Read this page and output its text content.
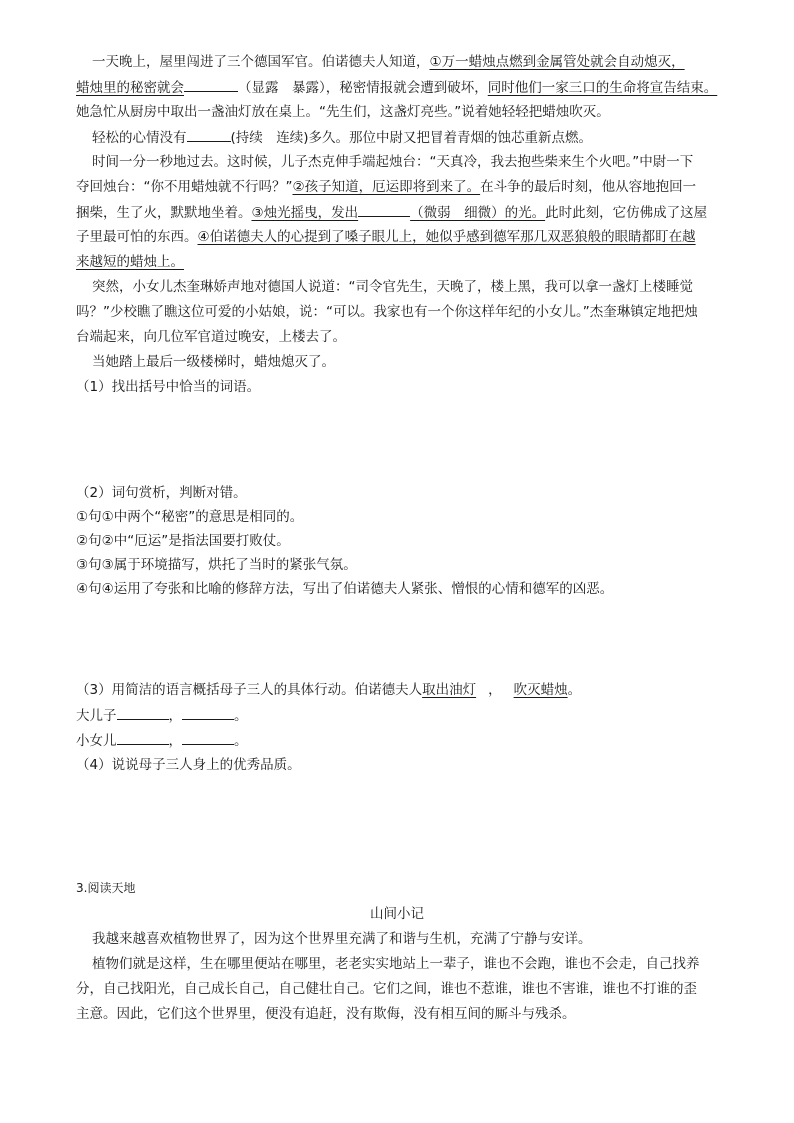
一天晚上，屋里闯进了三个德国军官。伯诺德夫人知道，①万一蜡烛点燃到金属管处就会自动熄灭，
蜡烛里的秘密就会	（显露　暴露），秘密情报就会遭到破坏，同时他们一家三口的生命将宣告结束。
她急忙从厨房中取出一盏油灯放在桌上。“先生们，这盏灯亮些。”说着她轻轻把蜡烛吹灭。
轻松的心情没有	(持续　连续)多久。那位中尉又把冒着青烟的蚀芯重新点燃。
时间一分一秒地过去。这时候，儿子杰克伸手端起烛台：“天真冷，我去抱些柴来生个火吧。”中尉一下
夺回烛台：“你不用蜡烛就不行吗？”②孩子知道，厄运即将到来了。在斗争的最后时刻，他从容地抱回一
捆柴，生了火，默默地坐着。③烛光摇曳，发出	（微弱　细微）的光。此时此刻，它仿佛成了这屋
子里最可怕的东西。④伯诺德夫人的心提到了嗓子眼儿上，她似乎感到德军那几双恶狼般的眼睛都盯在越
来越短的蜡烛上。
突然，小女儿杰奎琳娇声地对德国人说道：“司令官先生，天晚了，楼上黑，我可以拿一盏灯上楼睡觉
吗？”少校瞧了瞧这位可爱的小姑娘，说：“可以。我家也有一个你这样年纪的小女儿。”杰奎琳镇定地把烛
台端起来，向几位军官道过晚安，上楼去了。
当她踏上最后一级楼梯时，蜡烛熄灭了。
（1）找出括号中恰当的词语。
（2）词句赏析，判断对错。
①句①中两个“秘密”的意思是相同的。
②句②中“厄运”是指法国要打败仗。
③句③属于环境描写，烘托了当时的紧张气氛。
④句④运用了夸张和比喻的修辞方法，写出了伯诺德夫人紧张、憎恨的心情和德军的凶恶。
（3）用简洁的语言概括母子三人的具体行动。伯诺德夫人取出油灯 ， 吹灭蜡烛。
大儿子	，	。
小女儿	，	。
（4）说说母子三人身上的优秀品质。
3.阅读天地
山间小记
我越来越喜欢植物世界了，因为这个世界里充满了和谐与生机，充满了宁静与安详。
植物们就是这样，生在哪里便站在哪里，老老实实地站上一辈子，谁也不会跑，谁也不会走，自己找养
分，自己找阳光，自己成长自己，自己健壮自己。它们之间，谁也不惹谁，谁也不害谁，谁也不打谁的歪
主意。因此，它们这个世界里，便没有追赶，没有欺侮，没有相互间的厮斗与残杀。
